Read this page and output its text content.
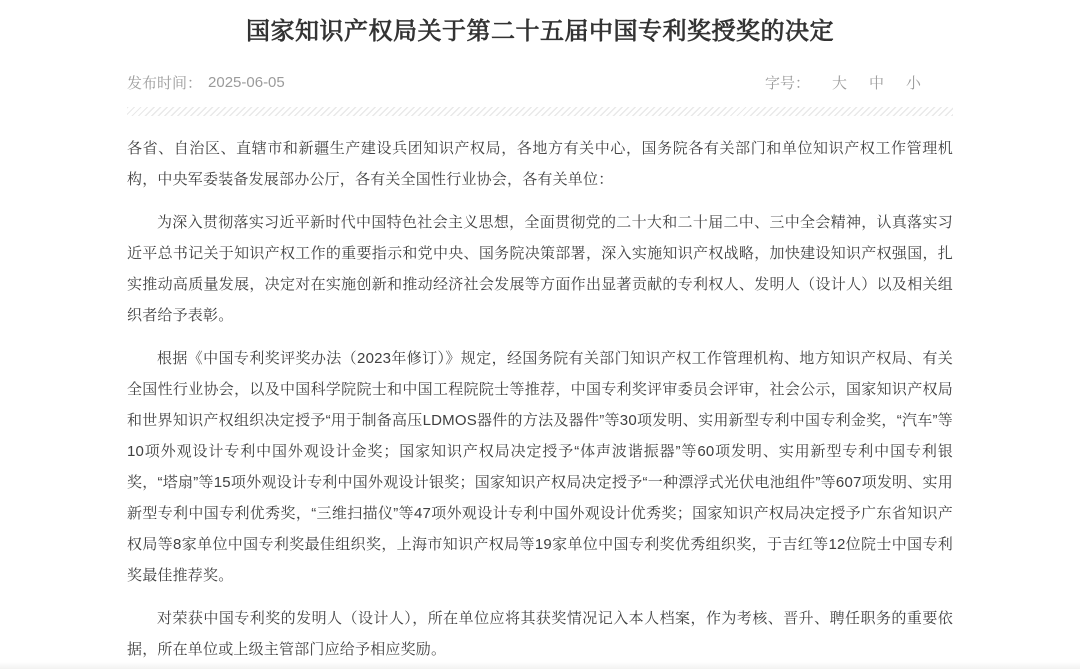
国家知识产权局关于第二十五届中国专利奖授奖的决定
发布时间： 2025-06-05	字号： 大 中 小

各省、自治区、直辖市和新疆生产建设兵团知识产权局，各地方有关中心，国务院各有关部门和单位知识产权工作管理机构，中央军委装备发展部办公厅，各有关全国性行业协会，各有关单位：

为深入贯彻落实习近平新时代中国特色社会主义思想，全面贯彻党的二十大和二十届二中、三中全会精神，认真落实习近平总书记关于知识产权工作的重要指示和党中央、国务院决策部署，深入实施知识产权战略，加快建设知识产权强国，扎实推动高质量发展，决定对在实施创新和推动经济社会发展等方面作出显著贡献的专利权人、发明人（设计人）以及相关组织者给予表彰。

根据《中国专利奖评奖办法（2023年修订）》规定，经国务院有关部门知识产权工作管理机构、地方知识产权局、有关全国性行业协会，以及中国科学院院士和中国工程院院士等推荐，中国专利奖评审委员会评审，社会公示，国家知识产权局和世界知识产权组织决定授予“用于制备高压LDMOS器件的方法及器件”等30项发明、实用新型专利中国专利金奖，“汽车”等10项外观设计专利中国外观设计金奖；国家知识产权局决定授予“体声波谐振器”等60项发明、实用新型专利中国专利银奖，“塔扇”等15项外观设计专利中国外观设计银奖；国家知识产权局决定授予“一种漂浮式光伏电池组件”等607项发明、实用新型专利中国专利优秀奖，“三维扫描仪”等47项外观设计专利中国外观设计优秀奖；国家知识产权局决定授予广东省知识产权局等8家单位中国专利奖最佳组织奖，上海市知识产权局等19家单位中国专利奖优秀组织奖，于吉红等12位院士中国专利奖最佳推荐奖。

对荣获中国专利奖的发明人（设计人），所在单位应将其获奖情况记入本人档案，作为考核、晋升、聘任职务的重要依据，所在单位或上级主管部门应给予相应奖励。
